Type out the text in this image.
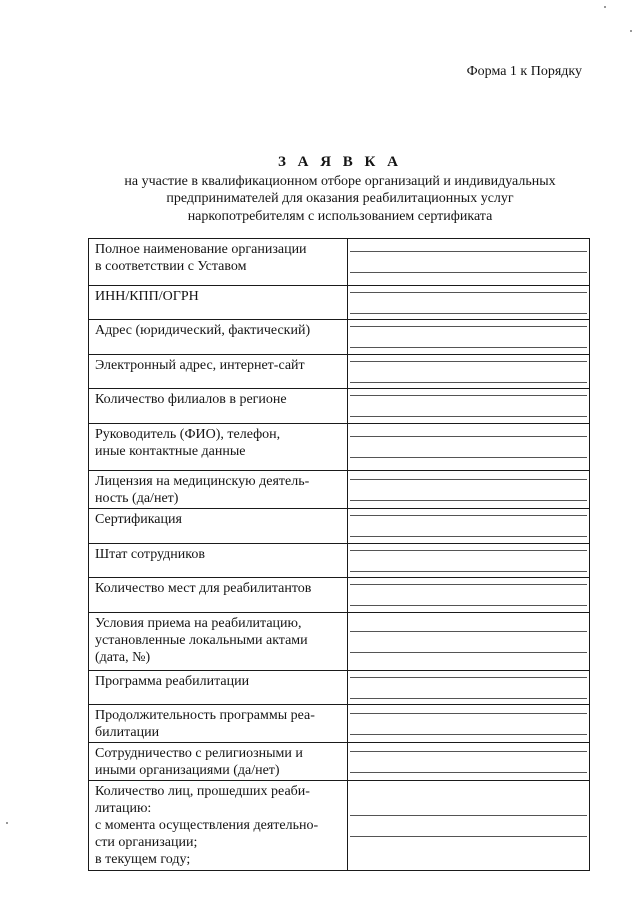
Форма 1 к Порядку
З А Я В К А
на участие в квалификационном отборе организаций и индивидуальных
предпринимателей для оказания реабилитационных услуг
наркопотребителям с использованием сертификата
Полное наименование организации
в соответствии с Уставом	

ИНН/КПП/ОГРН	

Адрес (юридический, фактический)	

Электронный адрес, интернет-сайт	

Количество филиалов в регионе	

Руководитель (ФИО), телефон,
иные контактные данные	

Лицензия на медицинскую деятель-
ность (да/нет)	

Сертификация	

Штат сотрудников	

Количество мест для реабилитантов	

Условия приема на реабилитацию,
установленные локальными актами
(дата, №)	

Программа реабилитации	

Продолжительность программы реа-
билитации	

Сотрудничество с религиозными и
иными организациями (да/нет)	

Количество лиц, прошедших реаби-
литацию:
с момента осуществления деятельно-
сти организации;
в текущем году;	
